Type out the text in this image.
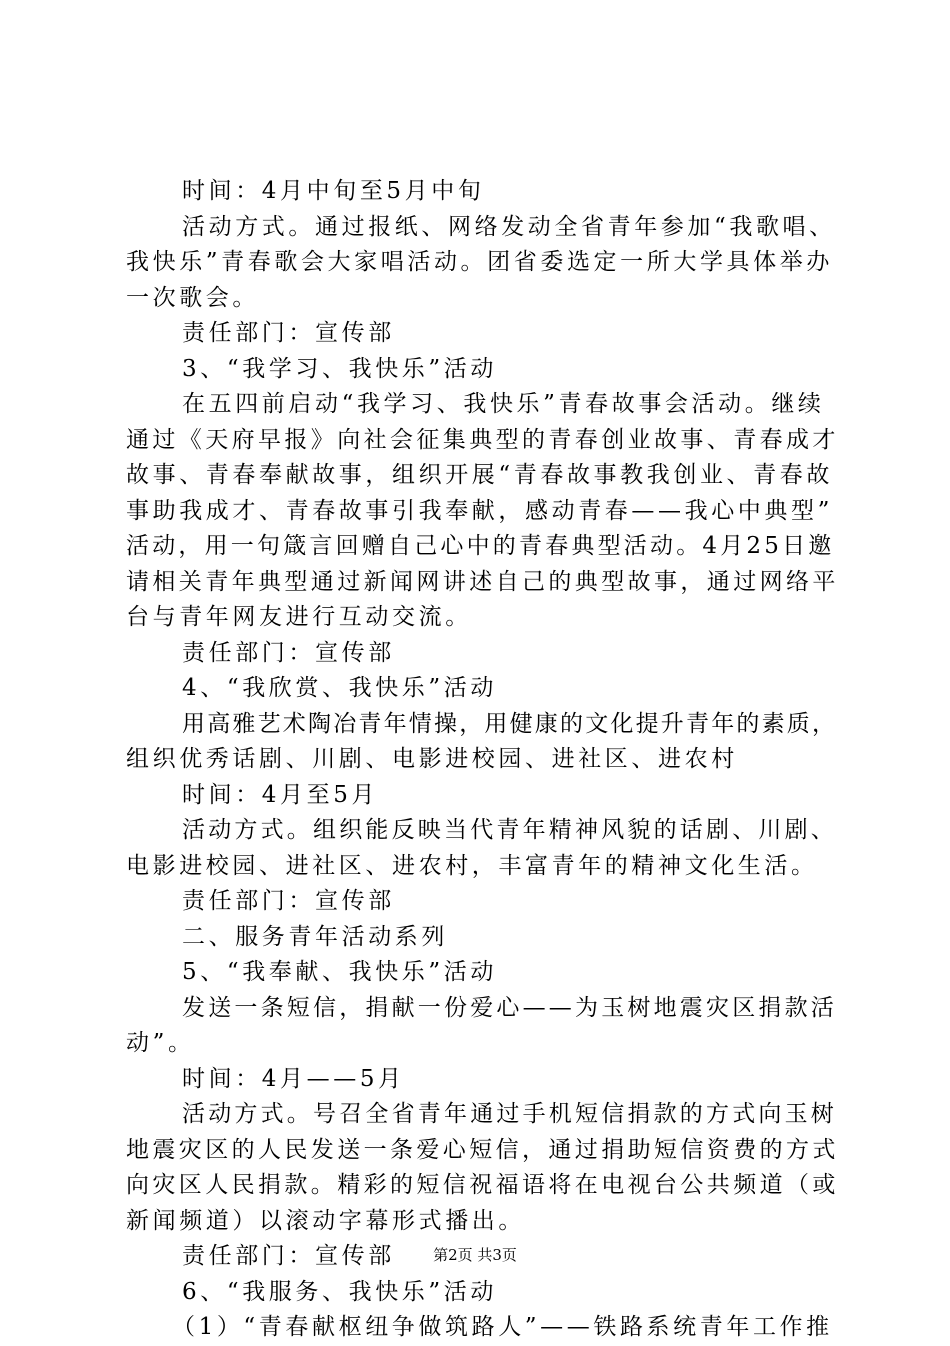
时间：4月中旬至5月中旬
活动方式。通过报纸、网络发动全省青年参加“我歌唱、
我快乐”青春歌会大家唱活动。团省委选定一所大学具体举办
一次歌会。
责任部门：宣传部
3、“我学习、我快乐”活动
在五四前启动“我学习、我快乐”青春故事会活动。继续
通过《天府早报》向社会征集典型的青春创业故事、青春成才
故事、青春奉献故事，组织开展“青春故事教我创业、青春故
事助我成才、青春故事引我奉献，感动青春——我心中典型”
活动，用一句箴言回赠自己心中的青春典型活动。4月25日邀
请相关青年典型通过新闻网讲述自己的典型故事，通过网络平
台与青年网友进行互动交流。
责任部门：宣传部
4、“我欣赏、我快乐”活动
用高雅艺术陶冶青年情操，用健康的文化提升青年的素质，
组织优秀话剧、川剧、电影进校园、进社区、进农村
时间：4月至5月
活动方式。组织能反映当代青年精神风貌的话剧、川剧、
电影进校园、进社区、进农村，丰富青年的精神文化生活。
责任部门：宣传部
二、服务青年活动系列
5、“我奉献、我快乐”活动
发送一条短信，捐献一份爱心——为玉树地震灾区捐款活
动”。
时间：4月——5月
活动方式。号召全省青年通过手机短信捐款的方式向玉树
地震灾区的人民发送一条爱心短信，通过捐助短信资费的方式
向灾区人民捐款。精彩的短信祝福语将在电视台公共频道（或
新闻频道）以滚动字幕形式播出。
责任部门：宣传部
6、“我服务、我快乐”活动
（1）“青春献枢纽争做筑路人”——铁路系统青年工作推
第2页 共3页
